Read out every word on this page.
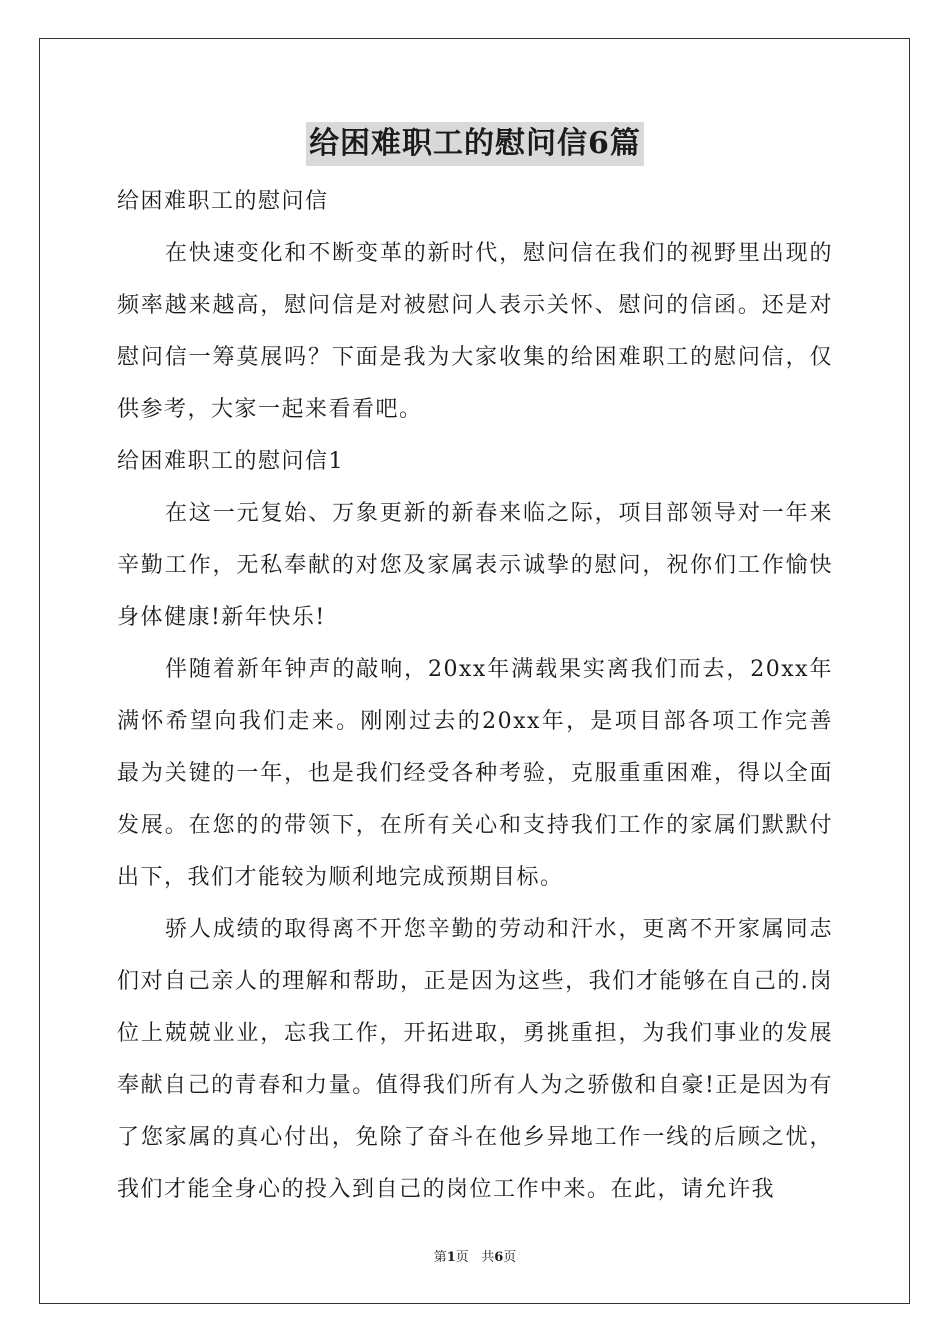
给困难职工的慰问信6篇

给困难职工的慰问信

在快速变化和不断变革的新时代，慰问信在我们的视野里出现的频率越来越高，慰问信是对被慰问人表示关怀、慰问的信函。还是对慰问信一筹莫展吗？下面是我为大家收集的给困难职工的慰问信，仅供参考，大家一起来看看吧。

给困难职工的慰问信1

在这一元复始、万象更新的新春来临之际，项目部领导对一年来辛勤工作，无私奉献的对您及家属表示诚挚的慰问，祝你们工作愉快身体健康!新年快乐!

伴随着新年钟声的敲响，20xx年满载果实离我们而去，20xx年满怀希望向我们走来。刚刚过去的20xx年，是项目部各项工作完善最为关键的一年，也是我们经受各种考验，克服重重困难，得以全面发展。在您的的带领下，在所有关心和支持我们工作的家属们默默付出下，我们才能较为顺利地完成预期目标。

骄人成绩的取得离不开您辛勤的劳动和汗水，更离不开家属同志们对自己亲人的理解和帮助，正是因为这些，我们才能够在自己的.岗位上兢兢业业，忘我工作，开拓进取，勇挑重担，为我们事业的发展奉献自己的青春和力量。值得我们所有人为之骄傲和自豪!正是因为有了您家属的真心付出，免除了奋斗在他乡异地工作一线的后顾之忧，我们才能全身心的投入到自己的岗位工作中来。在此，请允许我

第1页 共6页
